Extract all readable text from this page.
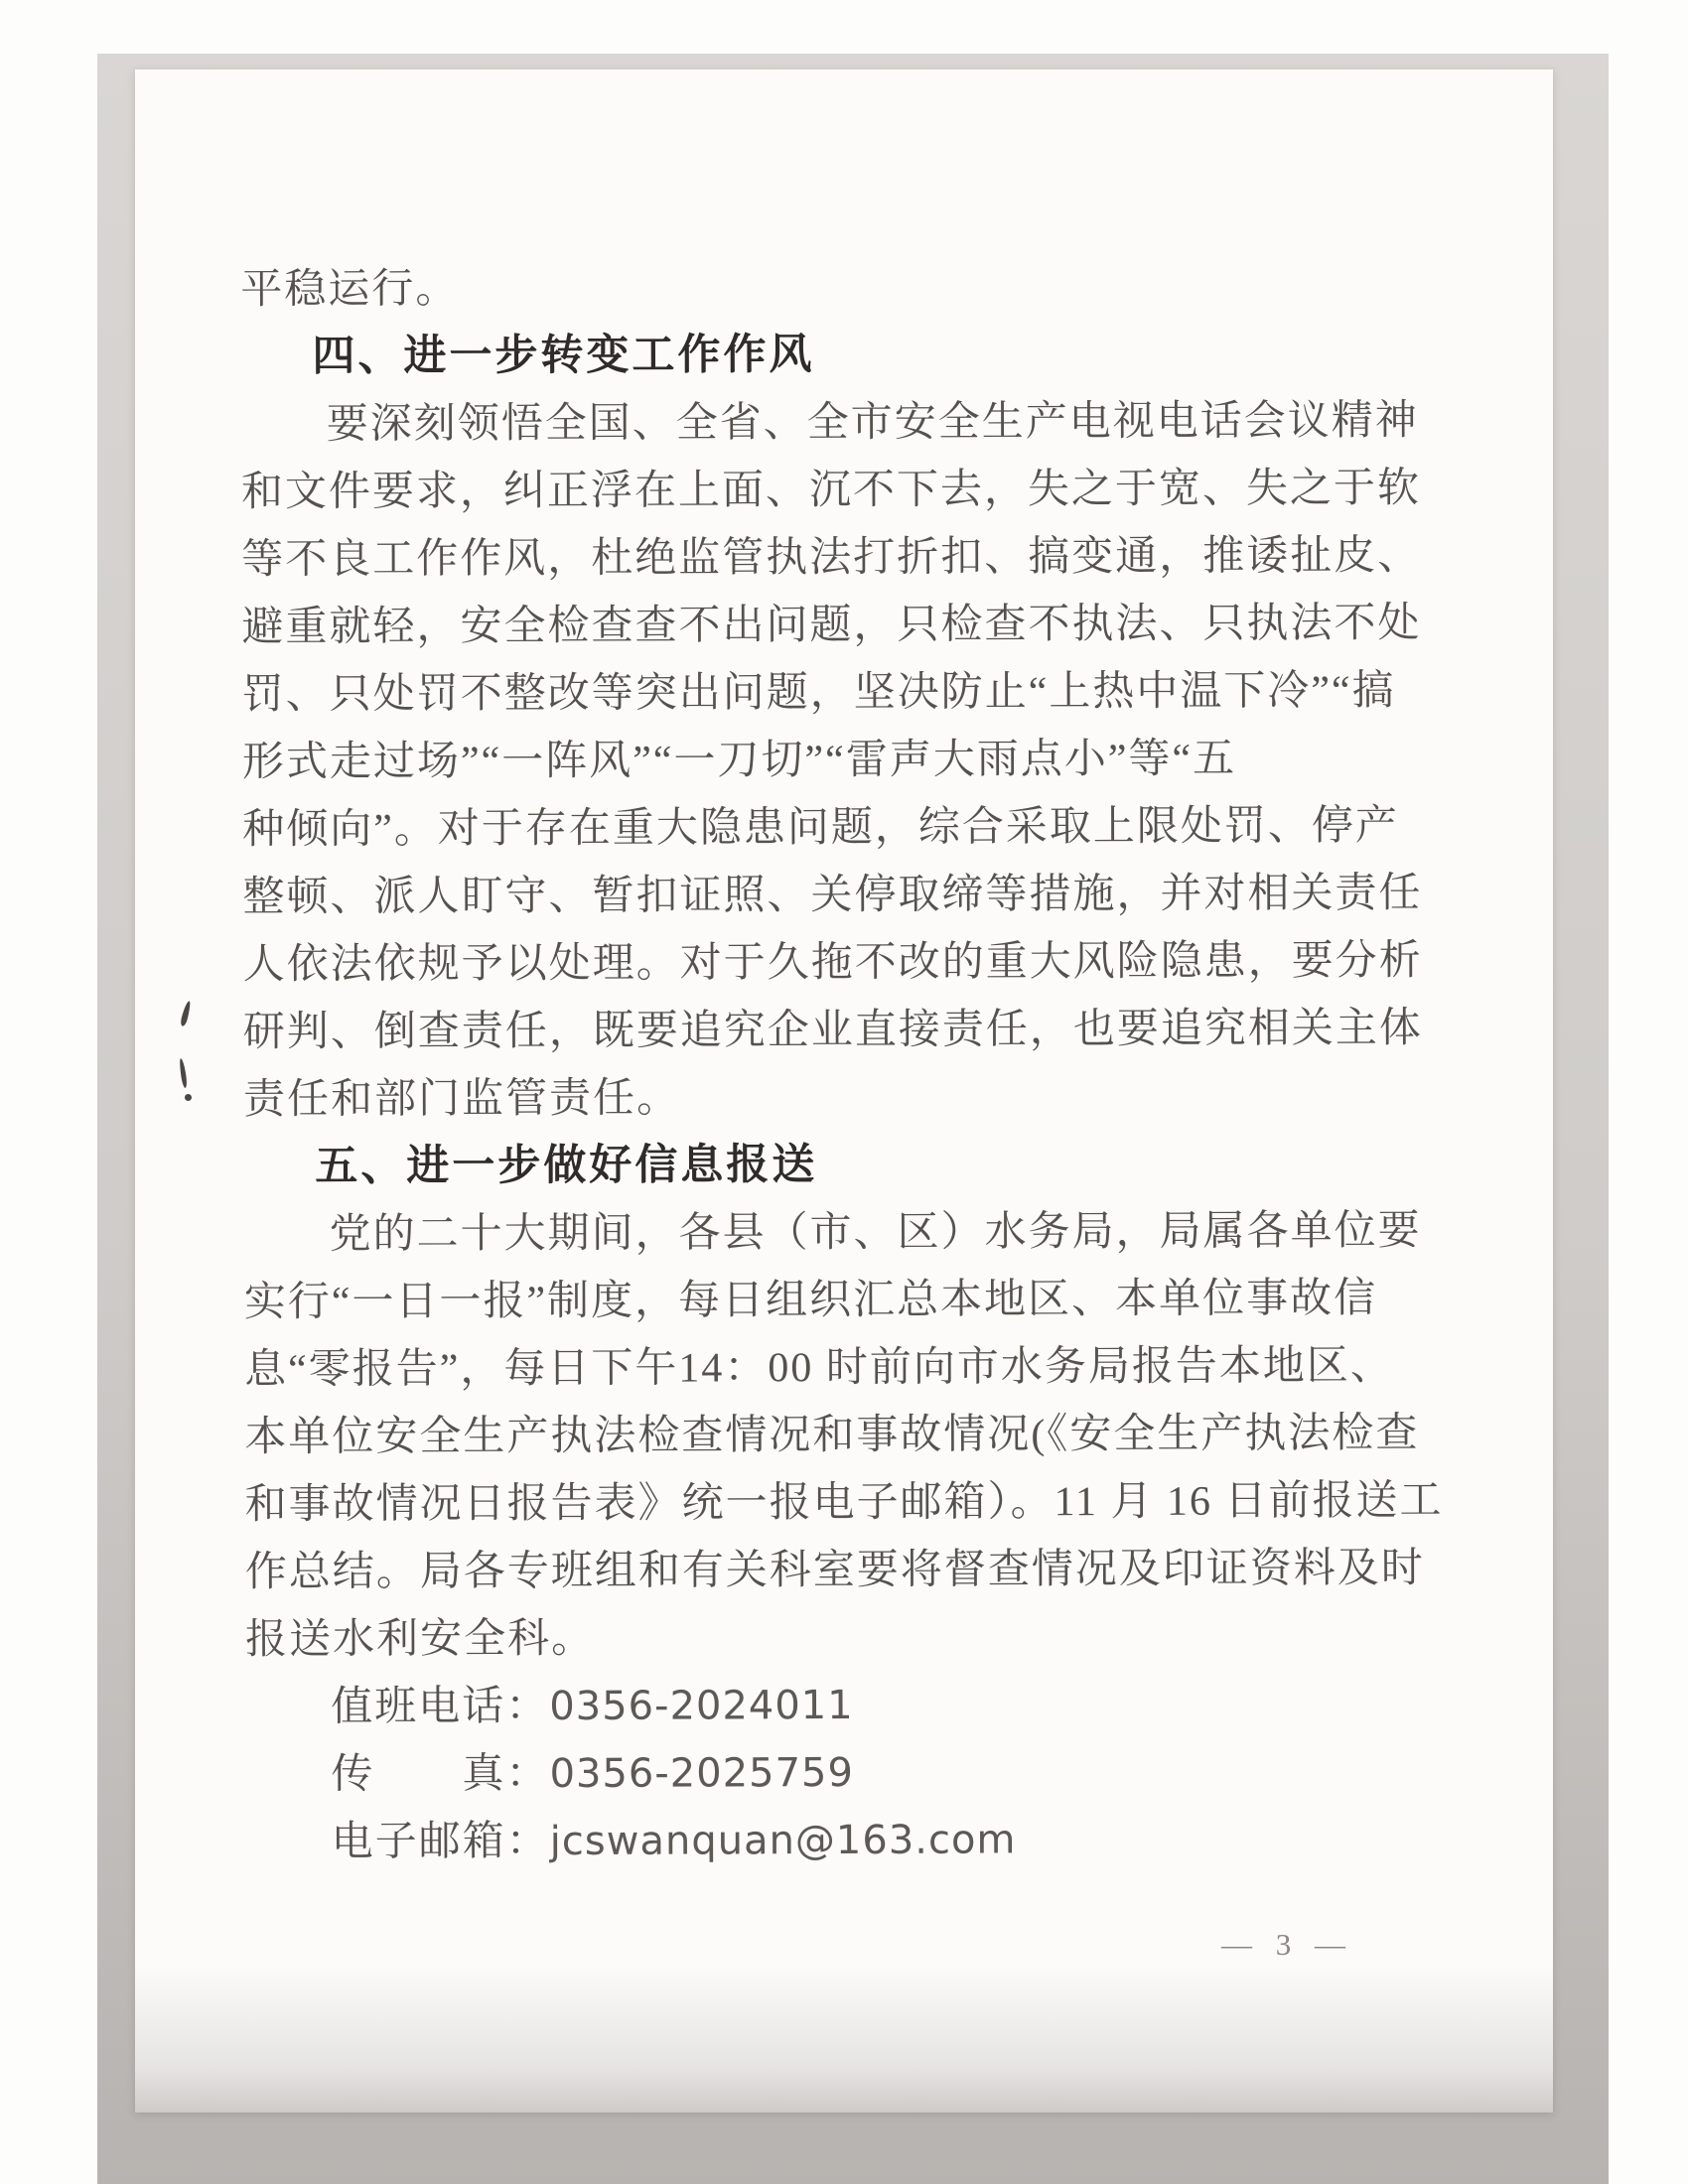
平稳运行。
四、进一步转变工作作风
要深刻领悟全国、全省、全市安全生产电视电话会议精神
和文件要求，纠正浮在上面、沉不下去，失之于宽、失之于软
等不良工作作风，杜绝监管执法打折扣、搞变通，推诿扯皮、
避重就轻，安全检查查不出问题，只检查不执法、只执法不处
罚、只处罚不整改等突出问题，坚决防止“上热中温下冷”“搞
形式走过场”“一阵风”“一刀切”“雷声大雨点小”等“五
种倾向”。对于存在重大隐患问题，综合采取上限处罚、停产
整顿、派人盯守、暂扣证照、关停取缔等措施，并对相关责任
人依法依规予以处理。对于久拖不改的重大风险隐患，要分析
研判、倒查责任，既要追究企业直接责任，也要追究相关主体
责任和部门监管责任。
五、进一步做好信息报送
党的二十大期间，各县（市、区）水务局，局属各单位要
实行“一日一报”制度，每日组织汇总本地区、本单位事故信
息“零报告”，每日下午14：00 时前向市水务局报告本地区、
本单位安全生产执法检查情况和事故情况(《安全生产执法检查
和事故情况日报告表》统一报电子邮箱）。11 月 16 日前报送工
作总结。局各专班组和有关科室要将督查情况及印证资料及时
报送水利安全科。
值班电话：0356-2024011
传　　真：0356-2025759
电子邮箱：jcswanquan@163.com
— 3 —
